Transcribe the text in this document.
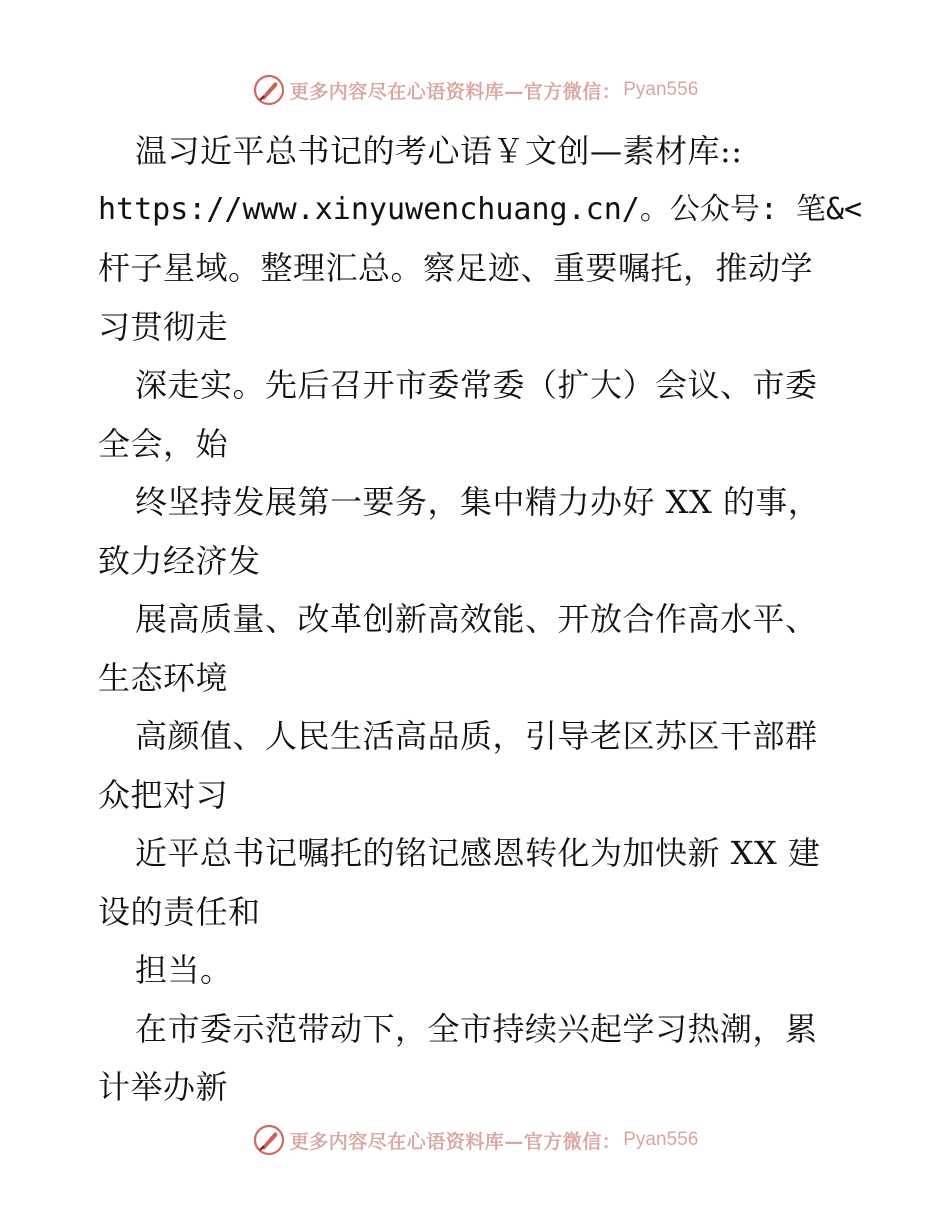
更多内容尽在心语资料库—官方微信： Pyan556
温习近平总书记的考心语￥文创—素材库::
https://www.xinyuwenchuang.cn/。公众号: 笔&<
杆子星域。整理汇总。察足迹、重要嘱托，推动学
习贯彻走
深走实。先后召开市委常委（扩大）会议、市委
全会，始
终坚持发展第一要务，集中精力办好 XX 的事，
致力经济发
展高质量、改革创新高效能、开放合作高水平、
生态环境
高颜值、人民生活高品质，引导老区苏区干部群
众把对习
近平总书记嘱托的铭记感恩转化为加快新 XX 建
设的责任和
担当。
在市委示范带动下，全市持续兴起学习热潮，累
计举办新
更多内容尽在心语资料库—官方微信： Pyan556
